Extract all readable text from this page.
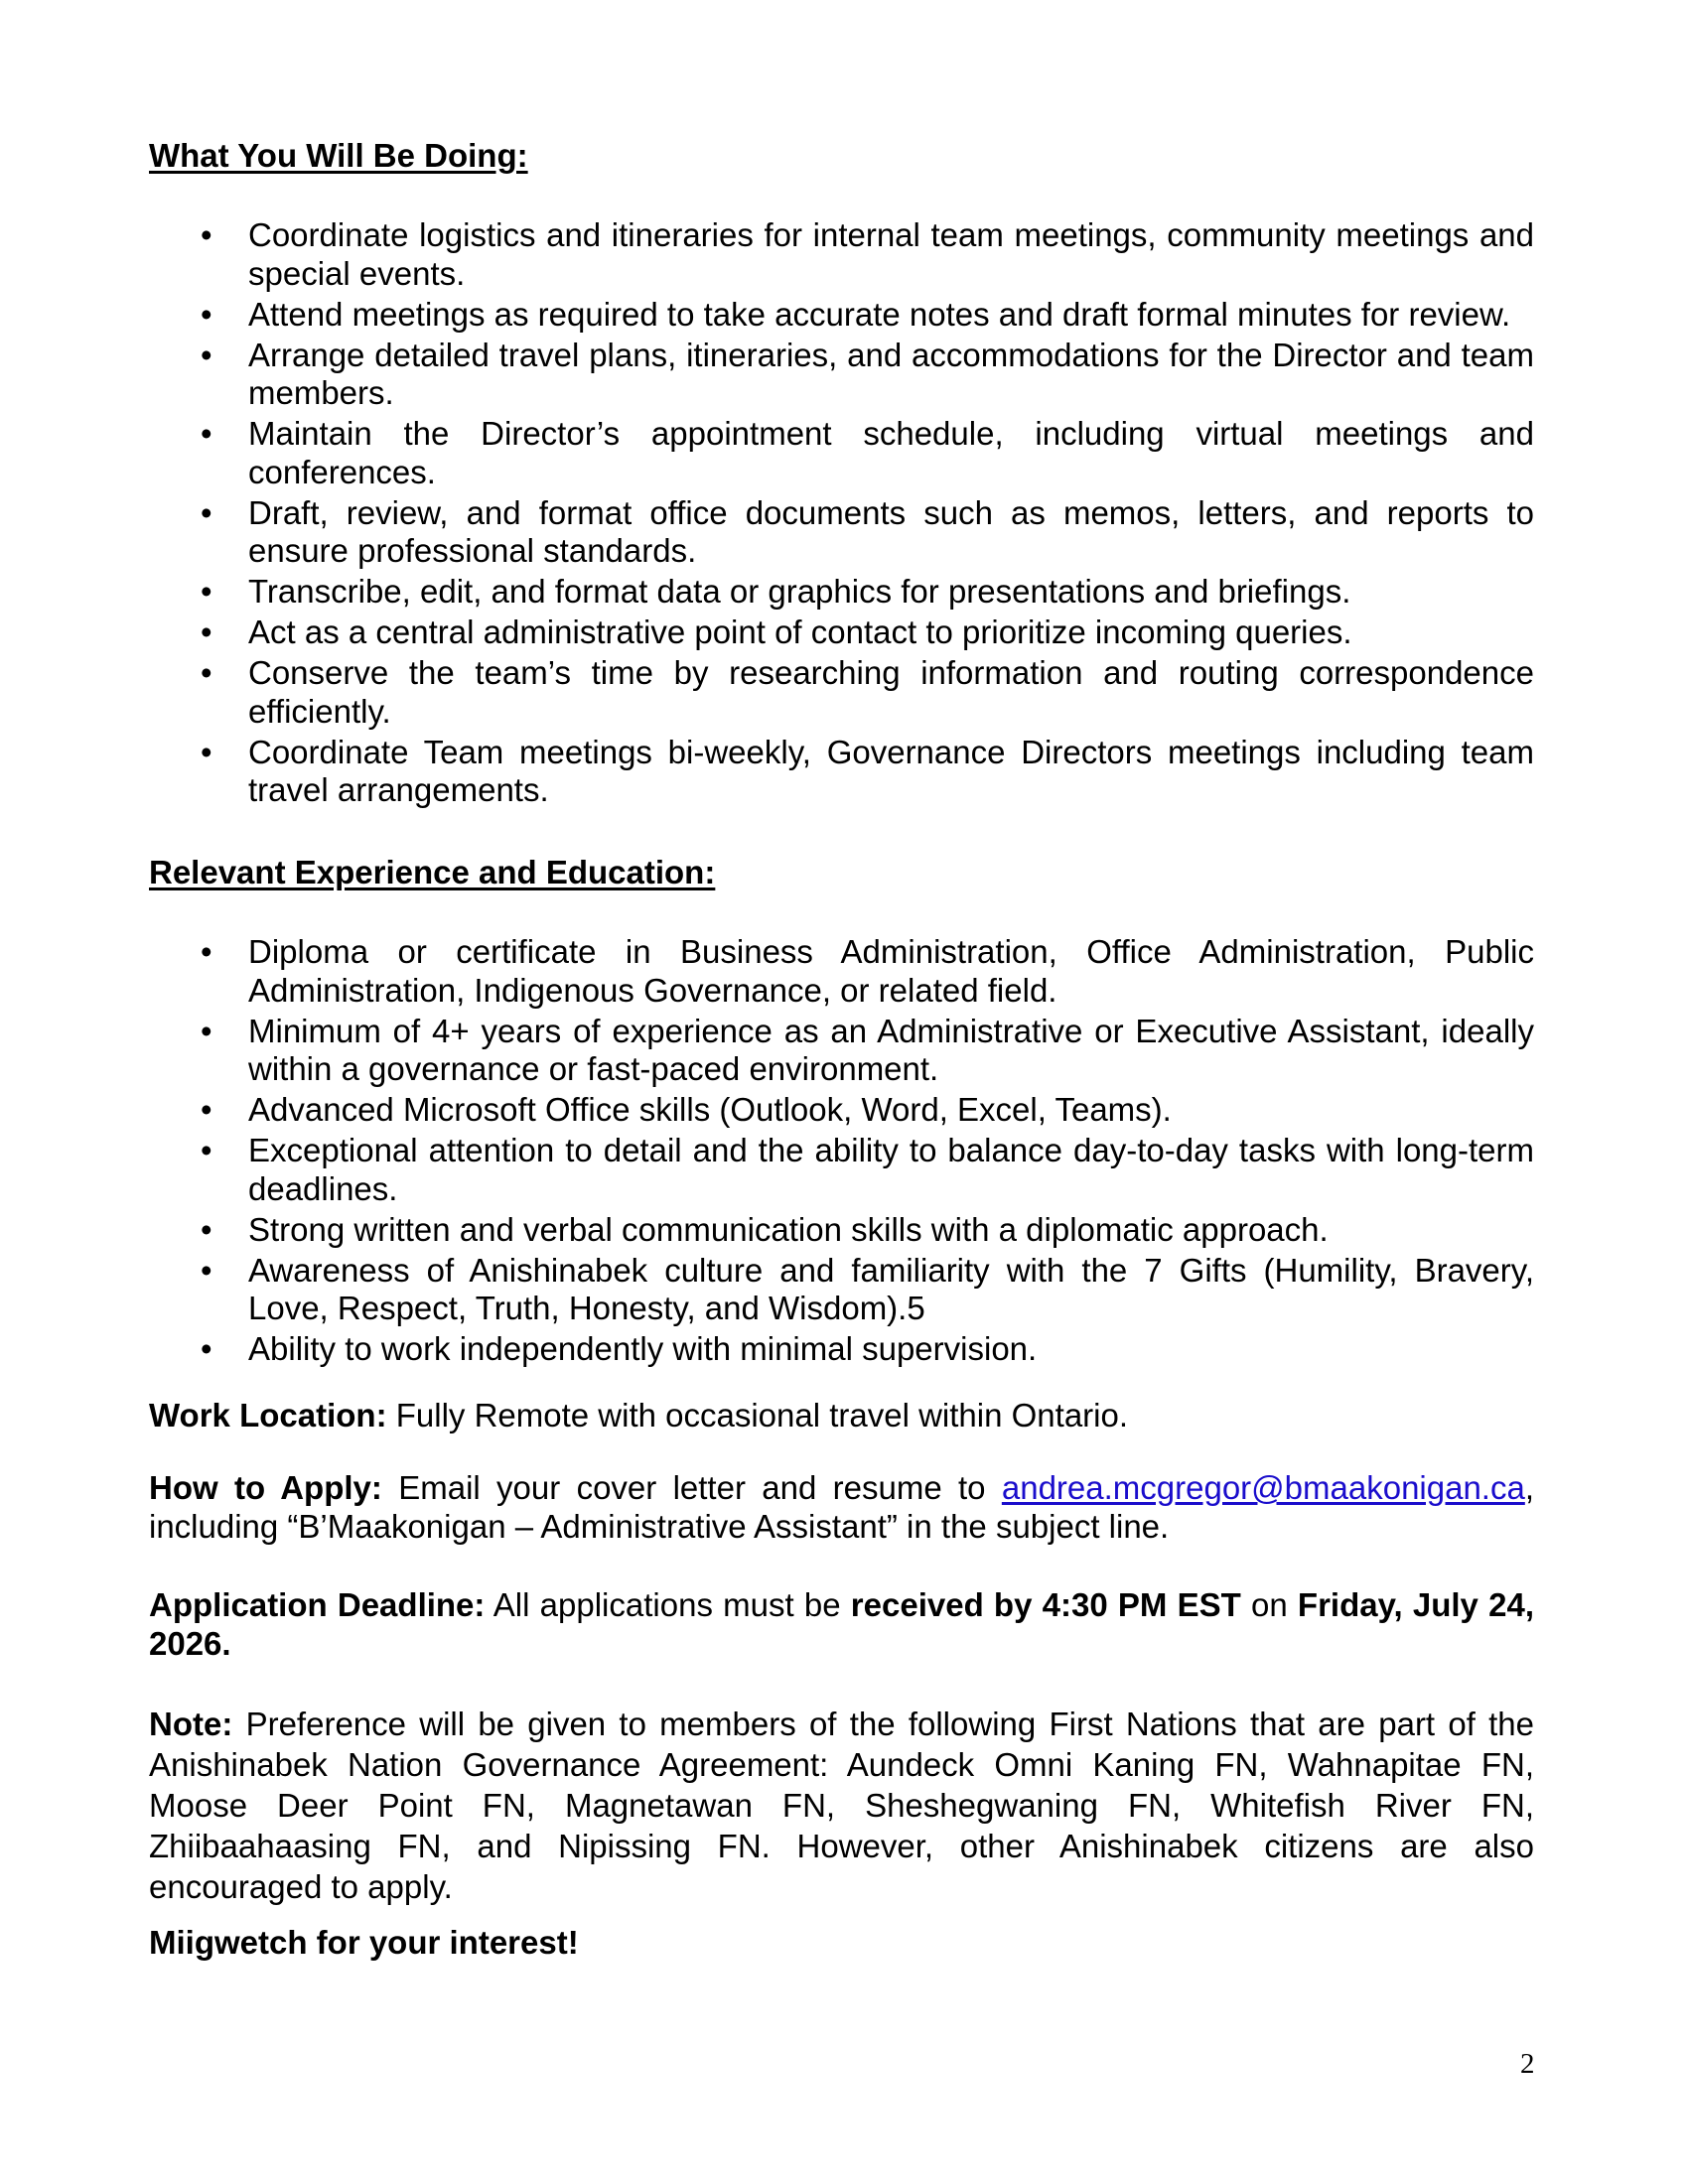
What You Will Be Doing:
• Coordinate logistics and itineraries for internal team meetings, community meetings and special events.
• Attend meetings as required to take accurate notes and draft formal minutes for review.
• Arrange detailed travel plans, itineraries, and accommodations for the Director and team members.
• Maintain the Director’s appointment schedule, including virtual meetings and conferences.
• Draft, review, and format office documents such as memos, letters, and reports to ensure professional standards.
• Transcribe, edit, and format data or graphics for presentations and briefings.
• Act as a central administrative point of contact to prioritize incoming queries.
• Conserve the team’s time by researching information and routing correspondence efficiently.
• Coordinate Team meetings bi-weekly, Governance Directors meetings including team travel arrangements.
Relevant Experience and Education:
• Diploma or certificate in Business Administration, Office Administration, Public Administration, Indigenous Governance, or related field.
• Minimum of 4+ years of experience as an Administrative or Executive Assistant, ideally within a governance or fast-paced environment.
• Advanced Microsoft Office skills (Outlook, Word, Excel, Teams).
• Exceptional attention to detail and the ability to balance day-to-day tasks with long-term deadlines.
• Strong written and verbal communication skills with a diplomatic approach.
• Awareness of Anishinabek culture and familiarity with the 7 Gifts (Humility, Bravery, Love, Respect, Truth, Honesty, and Wisdom).5
• Ability to work independently with minimal supervision.

Work Location: Fully Remote with occasional travel within Ontario.

How to Apply: Email your cover letter and resume to andrea.mcgregor@bmaakonigan.ca, including “B’Maakonigan – Administrative Assistant” in the subject line.

Application Deadline: All applications must be received by 4:30 PM EST on Friday, July 24, 2026.

Note: Preference will be given to members of the following First Nations that are part of the Anishinabek Nation Governance Agreement: Aundeck Omni Kaning FN, Wahnapitae FN, Moose Deer Point FN, Magnetawan FN, Sheshegwaning FN, Whitefish River FN, Zhiibaahaasing FN, and Nipissing FN. However, other Anishinabek citizens are also encouraged to apply.

Miigwetch for your interest!
2
